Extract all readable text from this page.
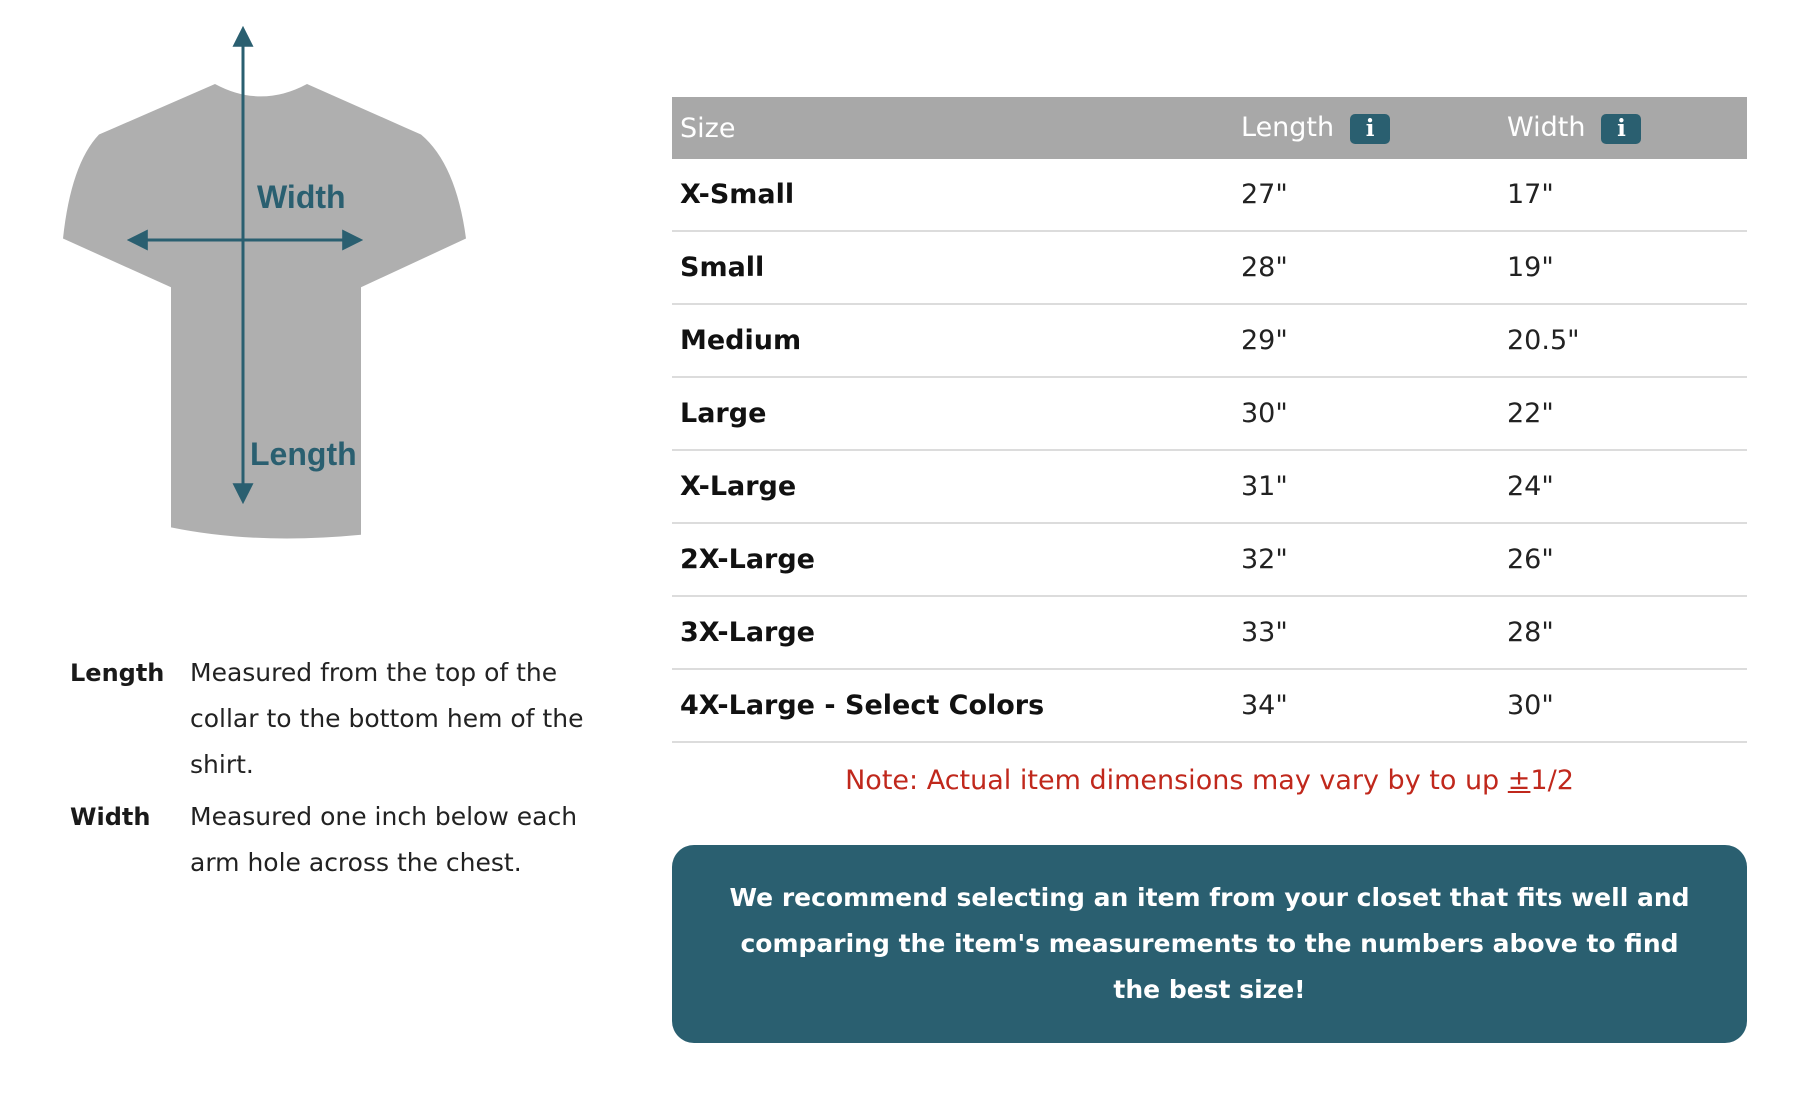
Width
Length
Length	Measured from the top of the collar to the bottom hem of the shirt.
Width	Measured one inch below each arm hole across the chest.
Size	Length i	Width i
X-Small	27"	17"
Small	28"	19"
Medium	29"	20.5"
Large	30"	22"
X-Large	31"	24"
2X-Large	32"	26"
3X-Large	33"	28"
4X-Large - Select Colors	34"	30"
Note: Actual item dimensions may vary by to up ±1/2
We recommend selecting an item from your closet that fits well and comparing the item's measurements to the numbers above to find the best size!
